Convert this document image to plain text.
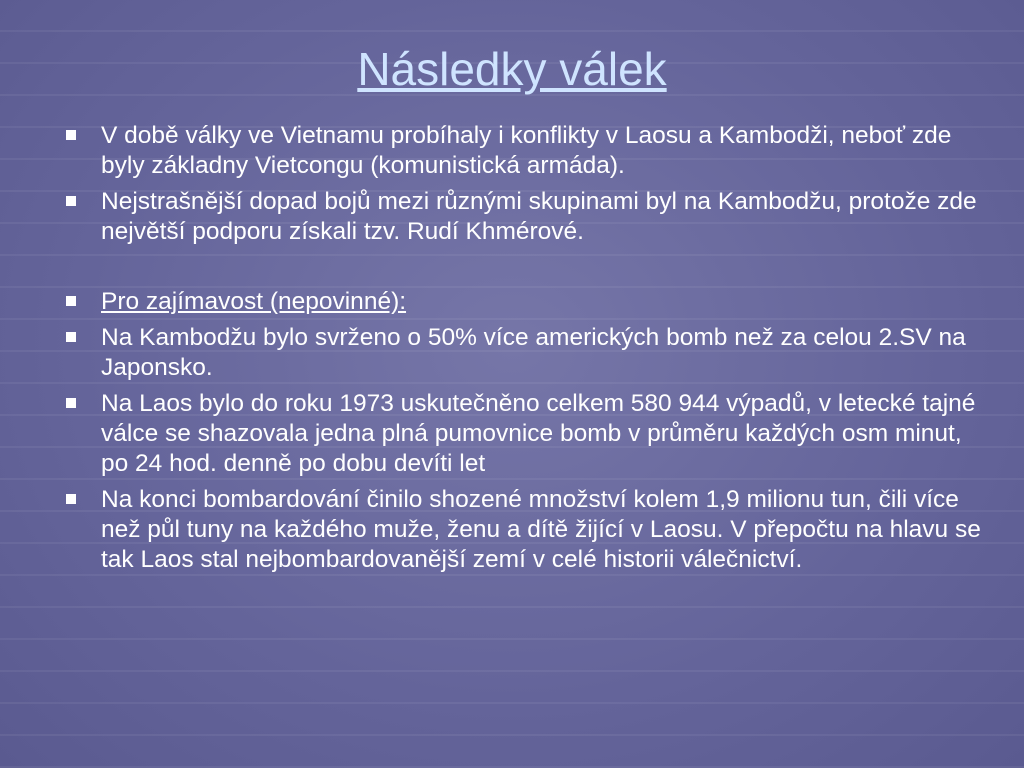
Následky válek
V době války ve Vietnamu probíhaly i konflikty v Laosu a Kambodži, neboť zde byly základny Vietcongu (komunistická armáda).
Nejstrašnější dopad bojů mezi různými skupinami byl na Kambodžu, protože zde největší podporu získali tzv. Rudí Khmérové.
Pro zajímavost (nepovinné):
Na Kambodžu bylo svrženo o 50% více amerických bomb než za celou 2.SV na Japonsko.
Na Laos bylo do roku 1973 uskutečněno celkem 580 944 výpadů, v letecké tajné válce se shazovala jedna plná pumovnice bomb v průměru každých osm minut, po 24 hod. denně po dobu devíti let
Na konci bombardování činilo shozené množství kolem 1,9 milionu tun, čili více než půl tuny na každého muže, ženu a dítě žijící v Laosu. V přepočtu na hlavu se tak Laos stal nejbombardovanější zemí v celé historii válečnictví.
